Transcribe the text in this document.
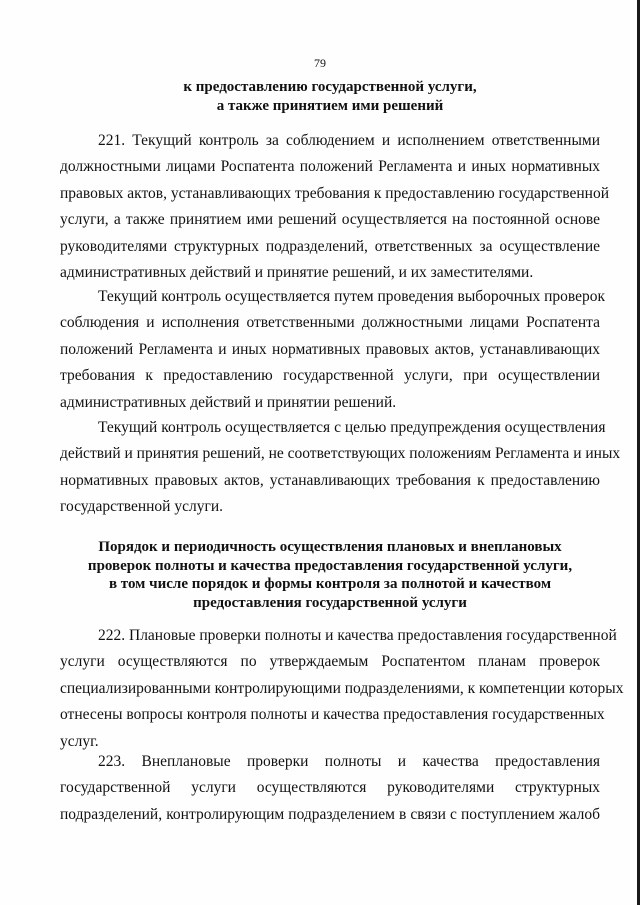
79
к предоставлению государственной услуги,
а также принятием ими решений

221. Текущий контроль за соблюдением и исполнением ответственными
должностными лицами Роспатента положений Регламента и иных нормативных
правовых актов, устанавливающих требования к предоставлению государственной
услуги, а также принятием ими решений осуществляется на постоянной основе
руководителями структурных подразделений, ответственных за осуществление
административных действий и принятие решений, и их заместителями.

Текущий контроль осуществляется путем проведения выборочных проверок
соблюдения и исполнения ответственными должностными лицами Роспатента
положений Регламента и иных нормативных правовых актов, устанавливающих
требования к предоставлению государственной услуги, при осуществлении
административных действий и принятии решений.

Текущий контроль осуществляется с целью предупреждения осуществления
действий и принятия решений, не соответствующих положениям Регламента и иных
нормативных правовых актов, устанавливающих требования к предоставлению
государственной услуги.

Порядок и периодичность осуществления плановых и внеплановых
проверок полноты и качества предоставления государственной услуги,
в том числе порядок и формы контроля за полнотой и качеством
предоставления государственной услуги

222. Плановые проверки полноты и качества предоставления государственной
услуги осуществляются по утверждаемым Роспатентом планам проверок
специализированными контролирующими подразделениями, к компетенции которых
отнесены вопросы контроля полноты и качества предоставления государственных
услуг.

223. Внеплановые проверки полноты и качества предоставления
государственной услуги осуществляются руководителями структурных
подразделений, контролирующим подразделением в связи с поступлением жалоб
